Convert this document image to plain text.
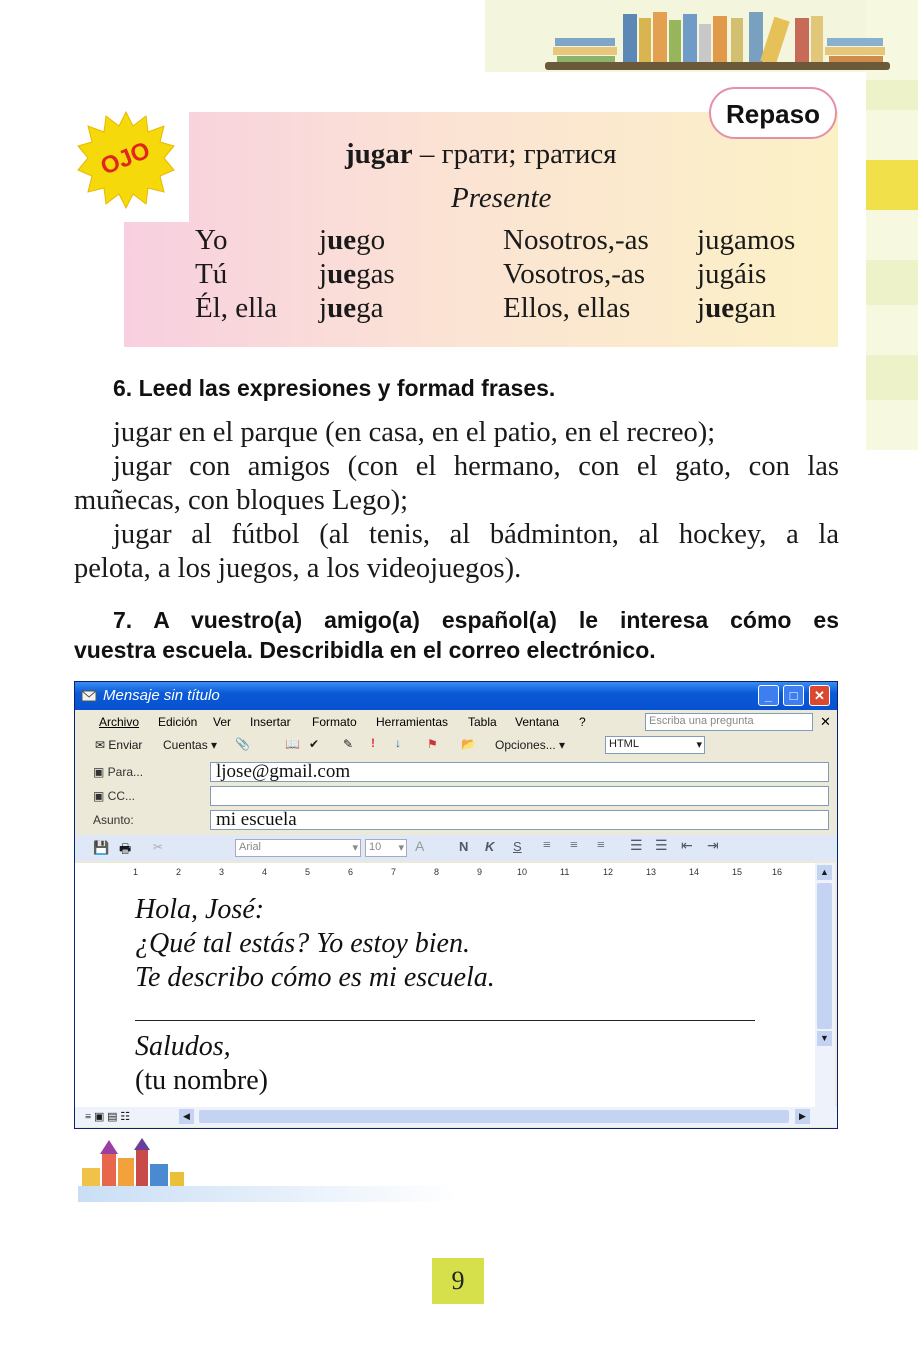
OJO
Repaso
jugar – грати; гратися
Presente
Yo	juego	Nosotros,-as jugamos
Tú	juegas	Vosotros,-as jugáis
Él, ella juega	Ellos, ellas juegan
6. Leed las expresiones y formad frases.
jugar en el parque (en casa, en el patio, en el recreo);
jugar con amigos (con el hermano, con el gato, con las
muñecas, con bloques Lego);
jugar al fútbol (al tenis, al bádminton, al hockey, a la
pelota, a los juegos, a los videojuegos).
7. A vuestro(a) amigo(a) español(a) le interesa cómo es
vuestra escuela. Describidla en el correo electrónico.
Mensaje sin título	_	□	✕
Archivo Edición Ver Insertar Formato Herramientas Tabla Ventana ?	Escriba una pregunta	✕
✉ Enviar Cuentas ▾ 📎	📖 ✔ ✎ ! ↓ ⚑ 📂 Opciones... ▾	HTML	▾
▣ Para...	ljose@gmail.com
▣ CC...
Asunto:	mi escuela
💾 🖶 ✂	Arial	▾	10 ▾ A	N K S ≡ ≡ ≡ ☰ ☰ ⇤ ⇥
1	2	3	4	5	6	7	8	9	10	11	12	13	14	15	16
Hola, José:
¿Qué tal estás? Yo estoy bien.
Te describo cómo es mi escuela.
Saludos,
(tu nombre)
▲
▼
≡ ▣ ▤ ☷	◀	▶
9
